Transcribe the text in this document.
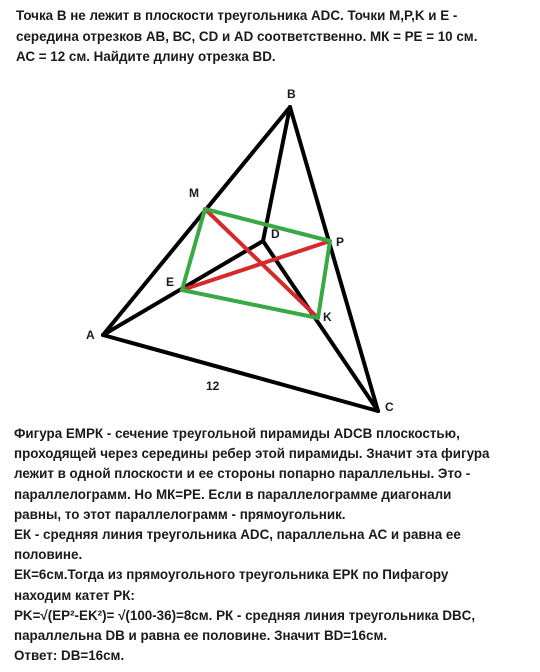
Точка В не лежит в плоскости треугольника ADC. Точки M,P,K и E -
середина отрезков АВ, ВС, CD и AD соответственно. МК = РЕ = 10 см.
АС = 12 см. Найдите длину отрезка BD.
B
A
C
D
M
P
K
E
12
Фигура ЕМРК - сечение треугольной пирамиды ADCB плоскостью,
проходящей через середины ребер этой пирамиды. Значит эта фигура
лежит в одной плоскости и ее стороны попарно параллельны. Это -
параллелограмм. Но МК=РЕ. Если в параллелограмме диагонали
равны, то этот параллелограмм - прямоугольник.
ЕК - средняя линия треугольника ADC, параллельна АС и равна ее
половине.
ЕК=6см.Тогда из прямоугольного треугольника ЕРК по Пифагору
находим катет РК:
PK=√(EP²-EK²)= √(100-36)=8см. РК - средняя линия треугольника DBC,
параллельна DB и равна ее половине. Значит BD=16см.
Ответ: DB=16см.
